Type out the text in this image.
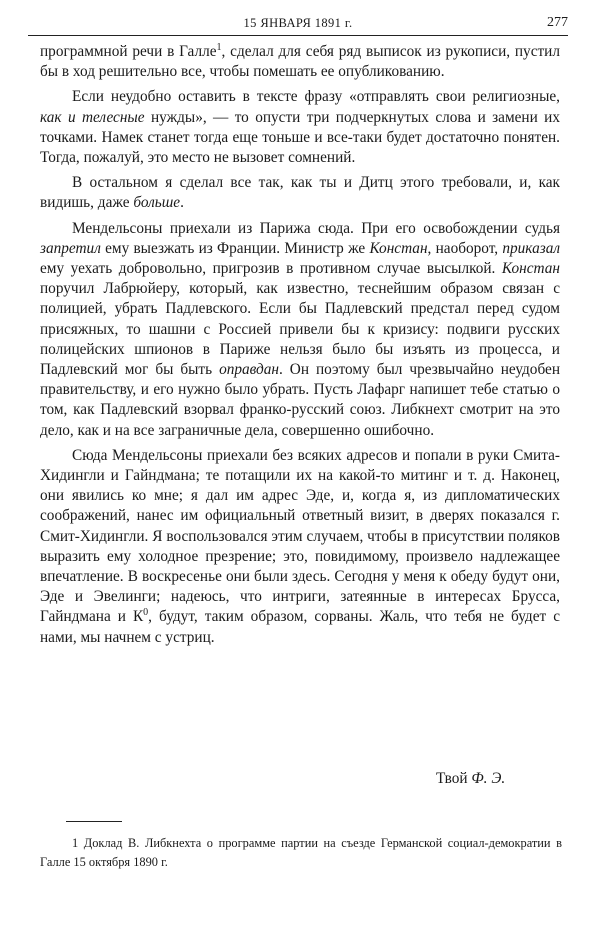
15 ЯНВАРЯ 1891 г.	277

программной речи в Галле$^1$, сделал для себя ряд выписок из рукописи, пустил бы в ход решительно все, чтобы помешать ее опубликованию.

Если неудобно оставить в тексте фразу «отправлять свои религиозные, как и телесные нужды», — то опусти три подчеркнутых слова и замени их точками. Намек станет тогда еще тоньше и все-таки будет достаточно понятен. Тогда, пожалуй, это место не вызовет сомнений.

В остальном я сделал все так, как ты и Дитц этого требовали, и, как видишь, даже больше.

Мендельсоны приехали из Парижа сюда. При его освобождении судья запретил ему выезжать из Франции. Министр же Констан, наоборот, приказал ему уехать добровольно, пригрозив в противном случае высылкой. Констан поручил Лабрюйеру, который, как известно, теснейшим образом связан с полицией, убрать Падлевского. Если бы Падлевский предстал перед судом присяжных, то шашни с Россией привели бы к кризису: подвиги русских полицейских шпионов в Париже нельзя было бы изъять из процесса, и Падлевский мог бы быть оправдан. Он поэтому был чрезвычайно неудобен правительству, и его нужно было убрать. Пусть Лафарг напишет тебе статью о том, как Падлевский взорвал франко-русский союз. Либкнехт смотрит на это дело, как и на все заграничные дела, совершенно ошибочно.

Сюда Мендельсоны приехали без всяких адресов и попали в руки Смита-Хидингли и Гайндмана; те потащили их на какой-то митинг и т. д. Наконец, они явились ко мне; я дал им адрес Эде, и, когда я, из дипломатических соображений, нанес им официальный ответный визит, в дверях показался г. Смит-Хидингли. Я воспользовался этим случаем, чтобы в присутствии поляков выразить ему холодное презрение; это, повидимому, произвело надлежащее впечатление. В воскресенье они были здесь. Сегодня у меня к обеду будут они, Эде и Эвелинги; надеюсь, что интриги, затеянные в интересах Брусса, Гайндмана и $К^0$, будут, таким образом, сорваны. Жаль, что тебя не будет с нами, мы начнем с устриц.

Твой Ф. Э.
1 Доклад В. Либкнехта о программе партии на съезде Германской социал-демократии в Галле 15 октября 1890 г.
